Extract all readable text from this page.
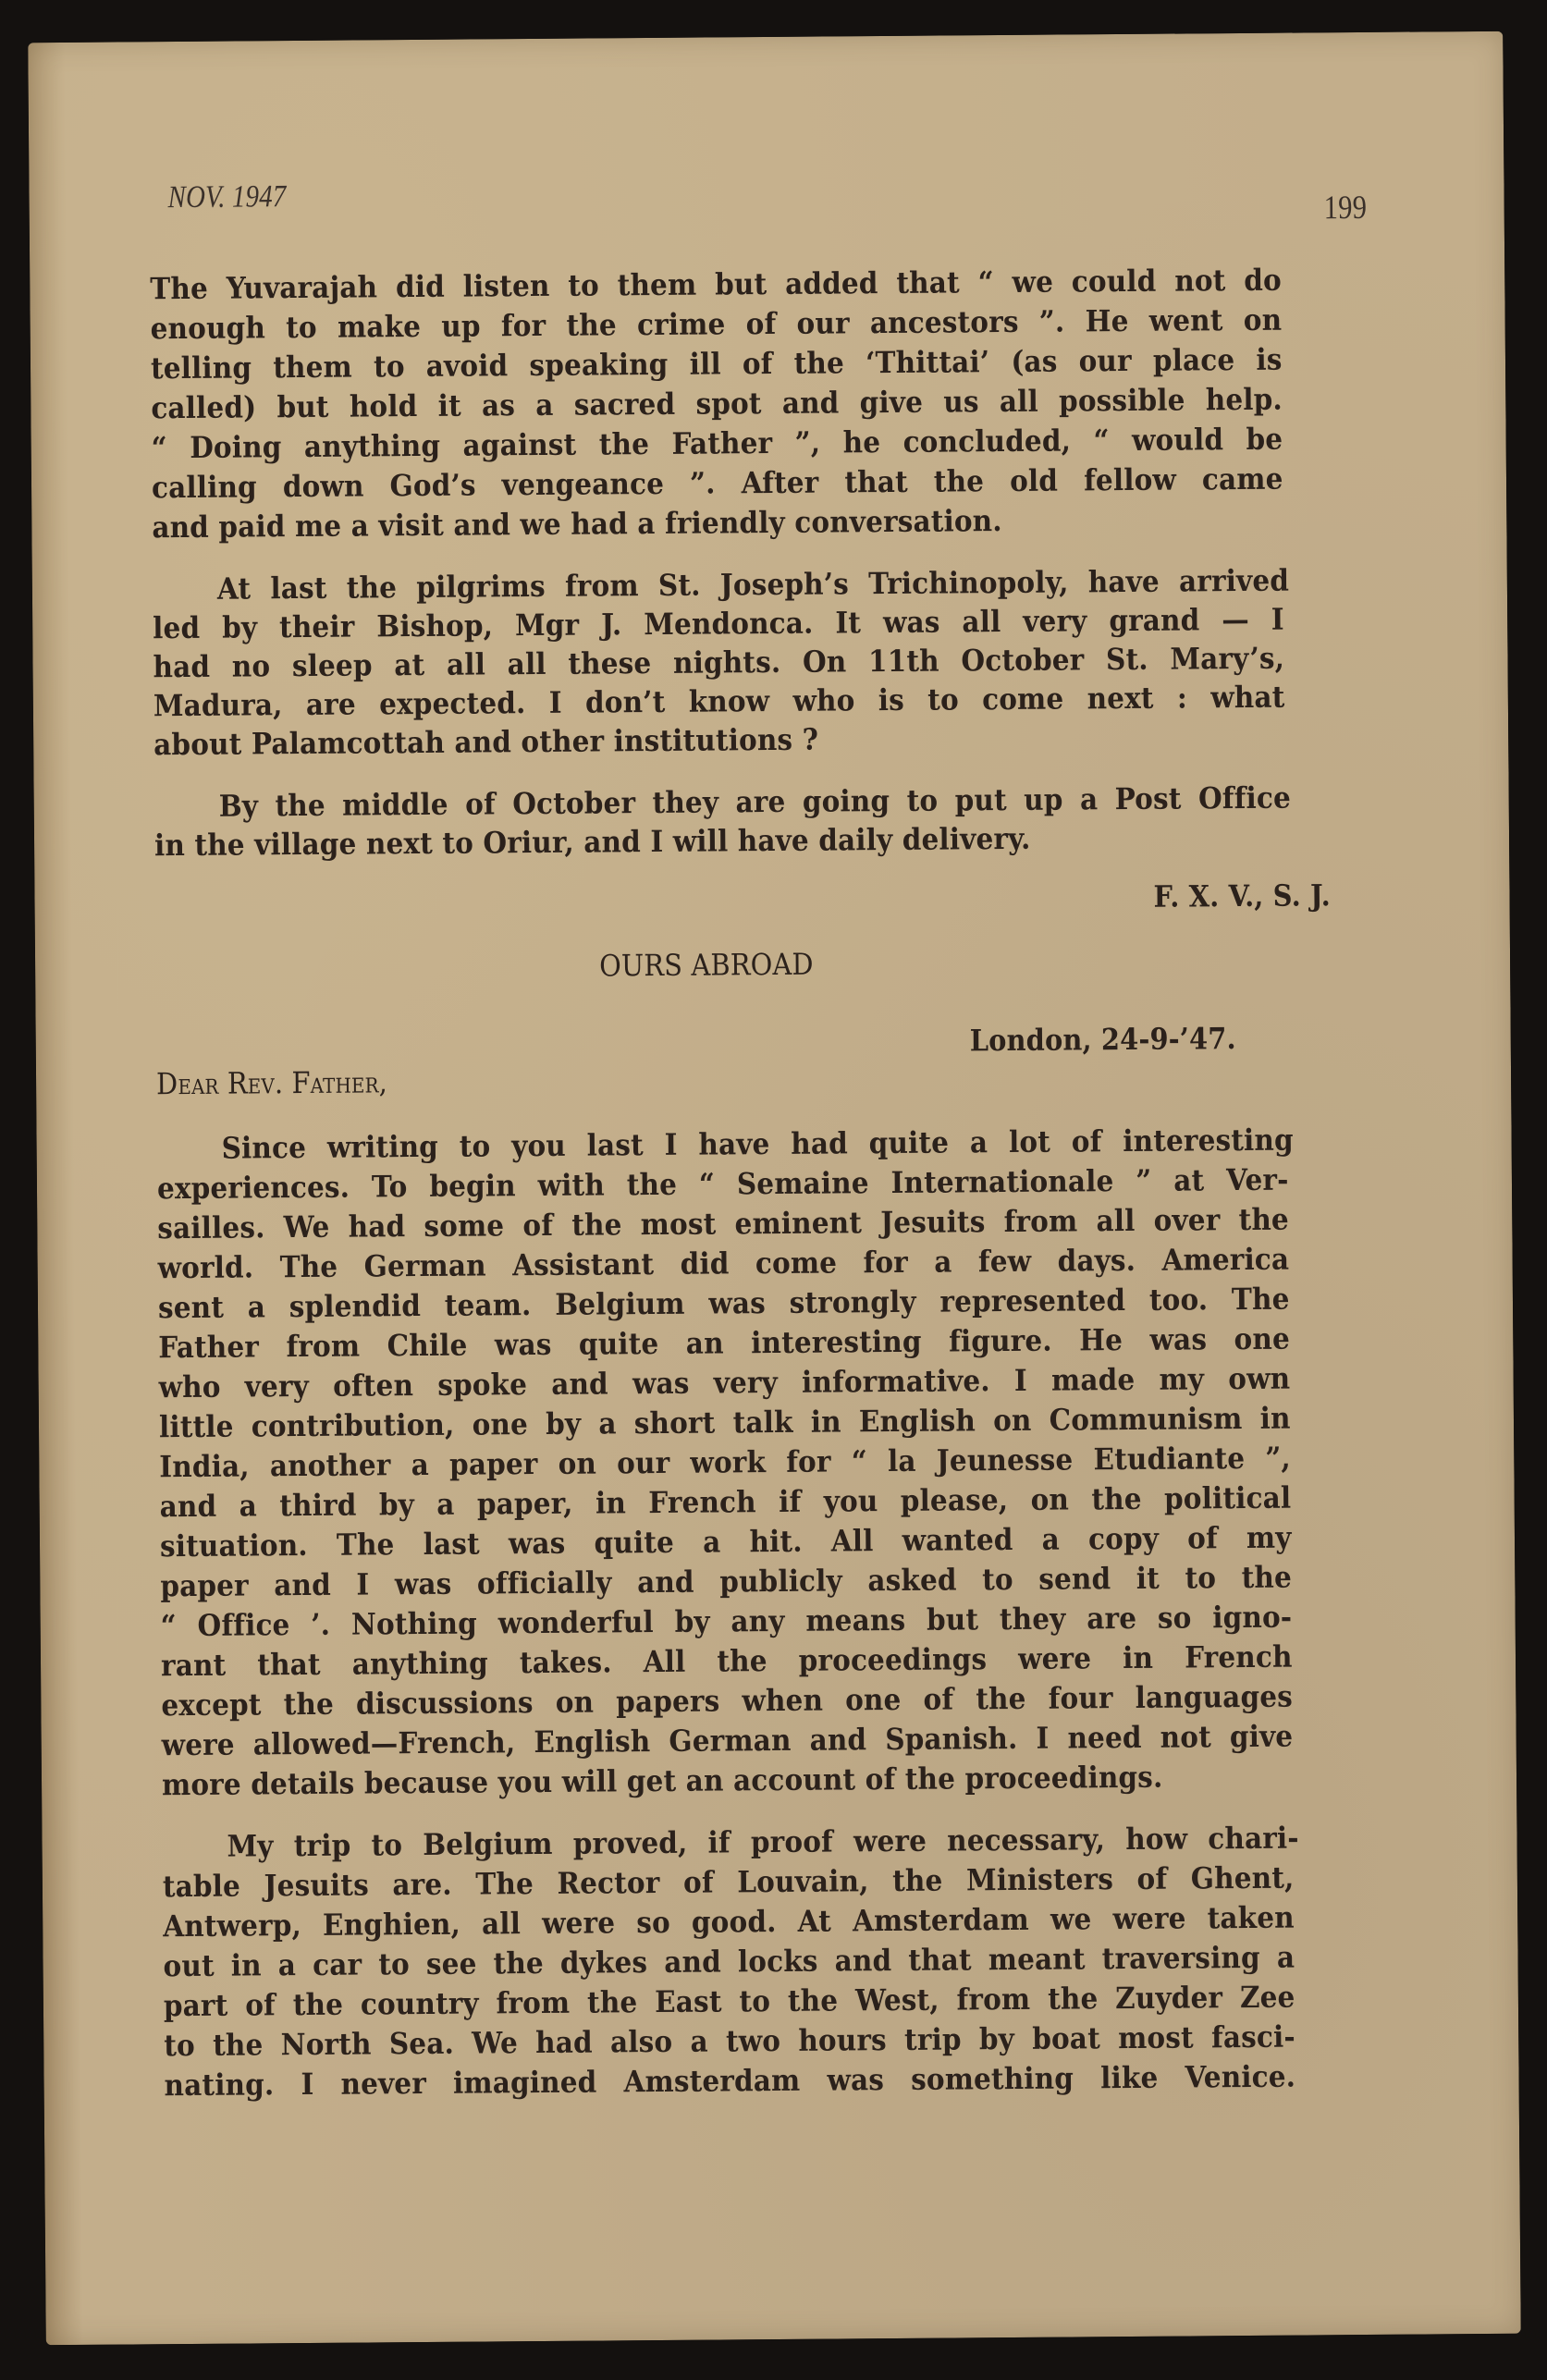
NOV. 1947	199
The Yuvarajah did listen to them but added that “ we could not do
enough to make up for the crime of our ancestors ”. He went on
telling them to avoid speaking ill of the ‘Thittai’ (as our place is
called) but hold it as a sacred spot and give us all possible help.
“ Doing anything against the Father ”, he concluded, “ would be
calling down God’s vengeance ”. After that the old fellow came
and paid me a visit and we had a friendly conversation.
At last the pilgrims from St. Joseph’s Trichinopoly, have arrived
led by their Bishop, Mgr J. Mendonca. It was all very grand — I
had no sleep at all all these nights. On 11th October St. Mary’s,
Madura, are expected. I don’t know who is to come next : what
about Palamcottah and other institutions ?
By the middle of October they are going to put up a Post Office
in the village next to Oriur, and I will have daily delivery.
F. X. V., S. J.
OURS ABROAD
London, 24-9-’47.
Dear Rev. Father,
Since writing to you last I have had quite a lot of interesting
experiences. To begin with the “ Semaine Internationale ” at Ver-
sailles. We had some of the most eminent Jesuits from all over the
world. The German Assistant did come for a few days. America
sent a splendid team. Belgium was strongly represented too. The
Father from Chile was quite an interesting figure. He was one
who very often spoke and was very informative. I made my own
little contribution, one by a short talk in English on Communism in
India, another a paper on our work for “ la Jeunesse Etudiante ”,
and a third by a paper, in French if you please, on the political
situation. The last was quite a hit. All wanted a copy of my
paper and I was officially and publicly asked to send it to the
“ Office ’. Nothing wonderful by any means but they are so igno-
rant that anything takes. All the proceedings were in French
except the discussions on papers when one of the four languages
were allowed—French, English German and Spanish. I need not give
more details because you will get an account of the proceedings.
My trip to Belgium proved, if proof were necessary, how chari-
table Jesuits are. The Rector of Louvain, the Ministers of Ghent,
Antwerp, Enghien, all were so good. At Amsterdam we were taken
out in a car to see the dykes and locks and that meant traversing a
part of the country from the East to the West, from the Zuyder Zee
to the North Sea. We had also a two hours trip by boat most fasci-
nating. I never imagined Amsterdam was something like Venice.
